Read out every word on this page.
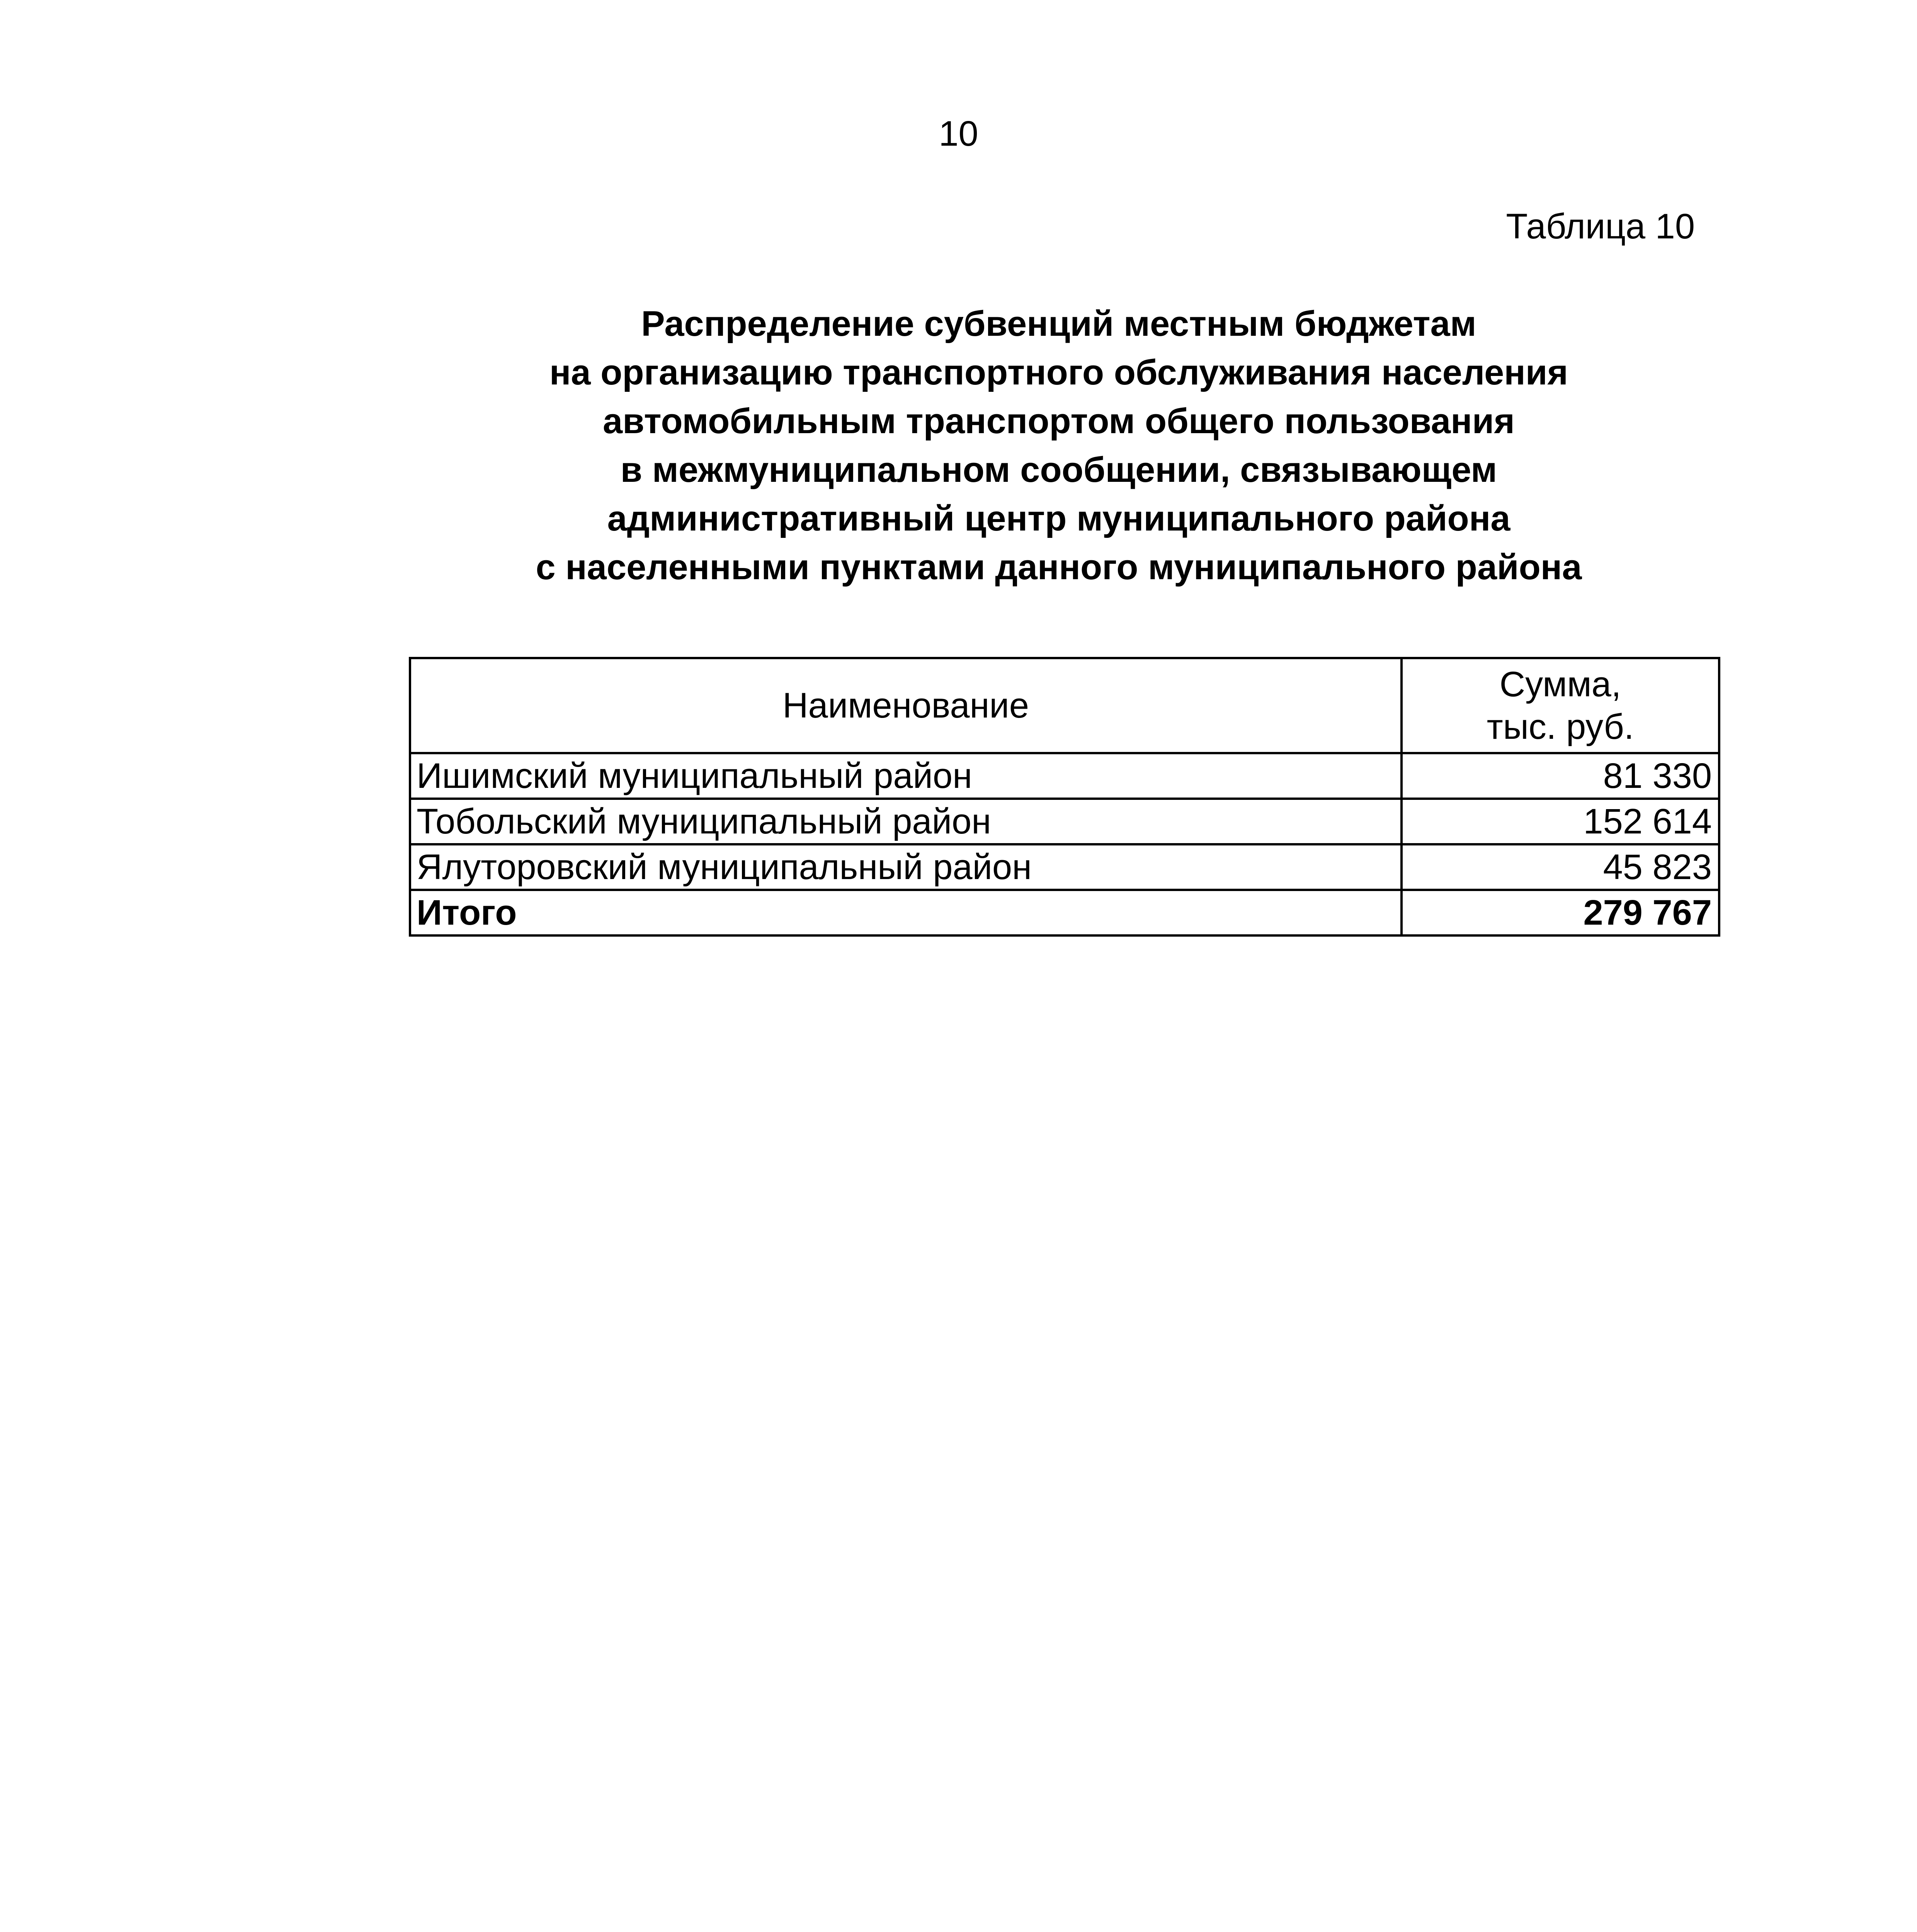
10
Таблица 10
Распределение субвенций местным бюджетам
на организацию транспортного обслуживания населения
автомобильным транспортом общего пользования
в межмуниципальном сообщении, связывающем
административный центр муниципального района
с населенными пунктами данного муниципального района
Наименование	Сумма,
тыс. руб.

Ишимский муниципальный район	81 330
Тобольский муниципальный район	152 614
Ялуторовский муниципальный район	45 823
Итого	279 767
